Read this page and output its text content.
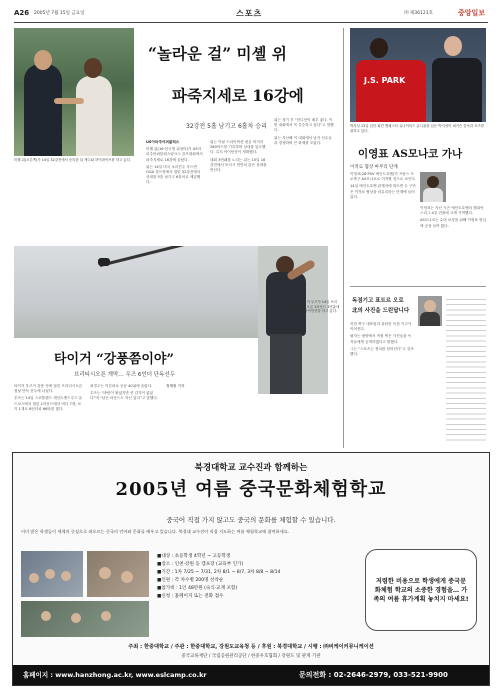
A26 2005년 7월 15일 금요일	스포츠	㈜ 제36121호	중앙일보
미셸 위(오른쪽)가 14일 32강전에서 승리한 뒤 캐디와 하이파이브를 하고 있다.
“놀라운 걸” 미셸 위
파죽지세로 16강에
32강전 5홀 남기고 6홀차 승리

US아마추어퍼블릭스

미셸 위(16·한국명 위성미)가 US아마추어퍼블릭스링크스 골프대회에서 파죽지세로 16강에 올랐다.

위는 14일 미국 오리건주 우드번 OGA 골프장에서 열린 32강전에서 상대를 5홀 남기고 6홀차로 제압했다.

위는 이날 드라이버샷 평균 비거리 280야드를 기록하며 상대를 압도했다. 특히 아이언샷이 정확했다.

대회 3연패를 노리는 위는 15일 16강전에서 또다시 만만치 않은 상대를 만난다.

위는 경기 후 “컨디션이 매우 좋다. 이번 대회에서 꼭 우승하고 싶다”고 말했다.

위는 지난해 이 대회에서 남자 선수들과 경쟁하며 큰 화제를 모았다.

타이거 우즈가 14일 브리티시오픈 1라운드 3번홀에서 아이언샷을 하고 있다.
타이거 “강풍쯤이야”
브리티시오픈 개막… 우즈 6언더 단독선두

타이거 우즈가 강풍 속에 열린 브리티시오픈 첫날 단독 선두에 나섰다.

우즈는 14일 스코틀랜드 세인트앤드루스 올드코스에서 열린 1라운드에서 버디 7개, 보기 1개로 6언더파 66타를 쳤다.

최경주는 이븐파로 공동 40위에 올랐다.

우즈는 “바람이 불었지만 샷 감각이 좋았다”며 “남은 라운드도 자신 있다”고 말했다.

정제원 기자

J.S. PARK
박지성 13일 입단 회견 맨체스터 유나이티드 유니폼을 입은 박지성이 퍼거슨 감독과 포즈를 취하고 있다.
이영표 AS모나코 가나
이적료 협상 마무리 단계

이영표(28·PSV 에인트호벤)가 프랑스 프로축구 AS모나코로 이적할 것으로 보인다.

14일 에인트호벤 관계자에 따르면 두 구단은 이적료 협상을 마무리하는 단계에 들어갔다.

이영표는 지난 시즌 에인트호벤의 챔피언스리그 4강 진출에 크게 기여했다.

AS모나코는 수비 보강을 위해 이영표 영입에 공을 들여 왔다.

독점기고 표트르 오로
北의 사진을 드린답니다

북한 축구 대표팀과 관련한 독점 기고가 이어진다.

필자는 평양에서 직접 찍은 사진들을 독자들에게 공개하겠다고 밝혔다.

그는 “스포츠는 정치를 넘어선다”고 강조했다.

북경대학교 교수진과 함께하는
2005년 여름 중국문화체험학교
중국어 직접 가지 않고도 중국의 문화를 체험할 수 있습니다.
이미 많은 학생들이 세계의 중심으로 떠오르는 중국의 언어와 문화를 배우고 있습니다. 북경대 교수진이 직접 지도하는 여름 체험학교에 참여하세요.
■대상 : 초등학생 4학년 ~ 고등학생
■장소 : 인천·강원 등 캠프장 (교육부 인가)
■기간 : 1차 7/25 ~ 7/31, 2차 8/1 ~ 8/7, 3차 8/8 ~ 8/14
■인원 : 각 차수별 200명 선착순
■참가비 : 1인 48만원 (숙식·교재 포함)
■신청 : 홈페이지 또는 전화 접수
저렴한 비용으로 학생에게 중국문화체험 학교의 소중한 경험을… 가족의 여름 휴가계획 놓치지 마세요!
주최 : 한중대학교 / 주관 : 한중대학교, 강원도교육청 등 / 후원 : 북경대학교 / 시행 : ㈜비케이커뮤니케이션
중국교류재단 / 국립공원관리공단 / 한중우호협회 / 강원도 및 관계 기관
홈페이지 : www.hanzhong.ac.kr, www.eslcamp.co.kr	문의전화 : 02-2646-2979, 033-521-9900
